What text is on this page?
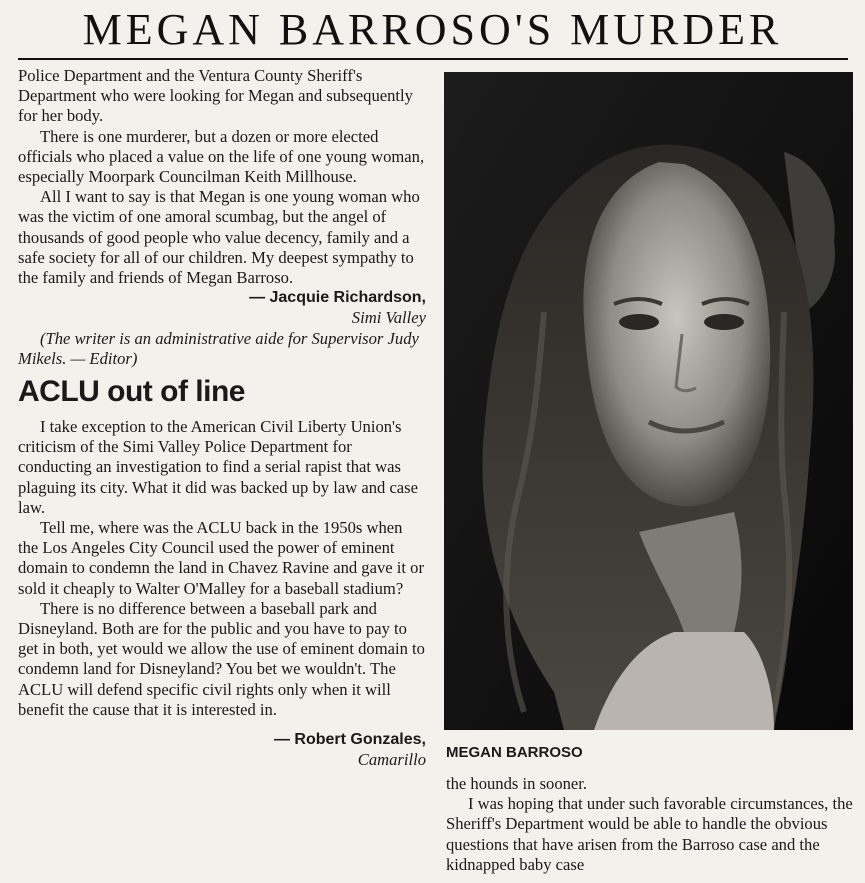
MEGAN BARROSO'S MURDER

Police Department and the Ventura County Sheriff's Department who were looking for Megan and subsequently for her body.

There is one murderer, but a dozen or more elected officials who placed a value on the life of one young woman, especially Moorpark Councilman Keith Millhouse.

All I want to say is that Megan is one young woman who was the victim of one amoral scumbag, but the angel of thousands of good people who value decency, family and a safe society for all of our children. My deepest sympathy to the family and friends of Megan Barroso.

— Jacquie Richardson,

Simi Valley

(The writer is an administrative aide for Supervisor Judy Mikels. — Editor)

ACLU out of line

I take exception to the American Civil Liberty Union's criticism of the Simi Valley Police Department for conducting an investigation to find a serial rapist that was plaguing its city. What it did was backed up by law and case law.

Tell me, where was the ACLU back in the 1950s when the Los Angeles City Council used the power of eminent domain to condemn the land in Chavez Ravine and gave it or sold it cheaply to Walter O'Malley for a baseball stadium?

There is no difference between a baseball park and Disneyland. Both are for the public and you have to pay to get in both, yet would we allow the use of eminent domain to condemn land for Disneyland? You bet we wouldn't. The ACLU will defend specific civil rights only when it will benefit the cause that it is interested in.

— Robert Gonzales,

Camarillo MEGAN BARROSO

the hounds in sooner.

I was hoping that under such favorable circumstances, the Sheriff's Department would be able to handle the obvious questions that have arisen from the Barroso case and the kidnapped baby case
